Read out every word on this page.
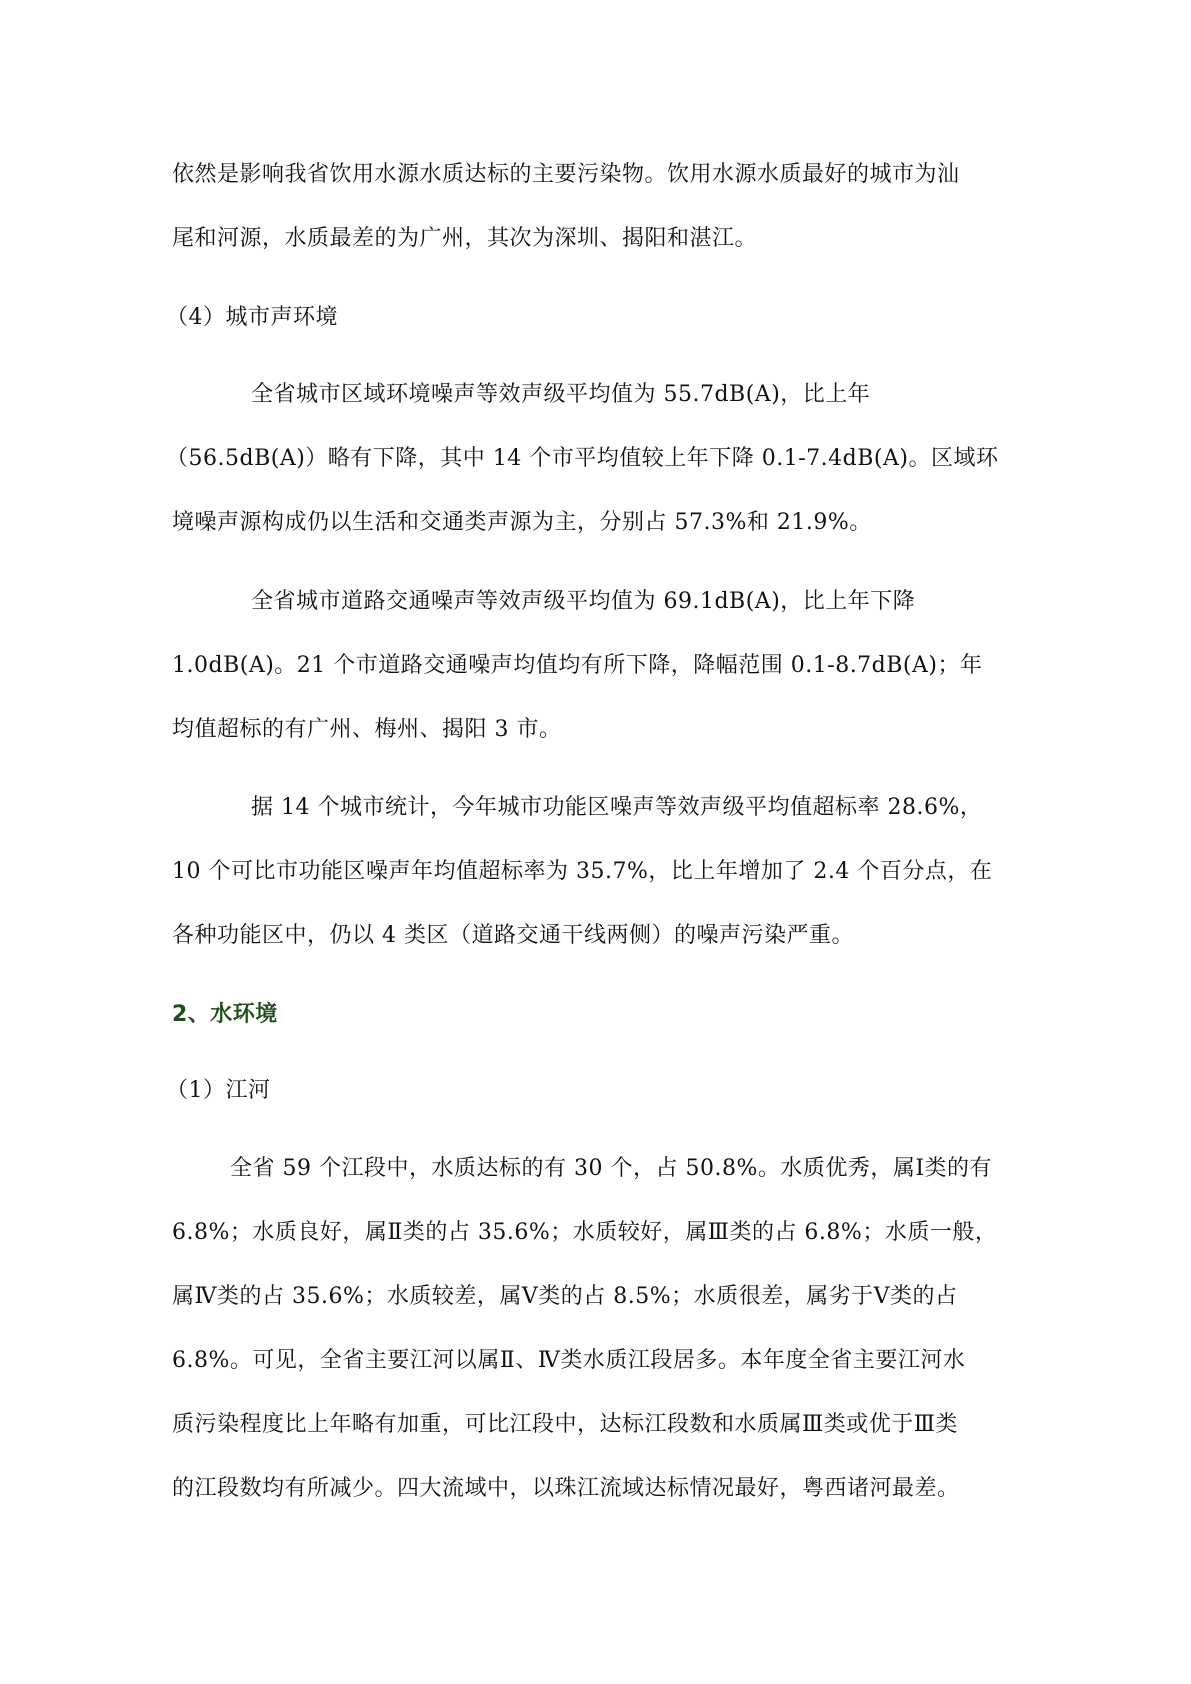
依然是影响我省饮用水源水质达标的主要污染物。饮用水源水质最好的城市为汕
尾和河源，水质最差的为广州，其次为深圳、揭阳和湛江。
（4）城市声环境
全省城市区域环境噪声等效声级平均值为 55.7dB(A)，比上年
（56.5dB(A)）略有下降，其中 14 个市平均值较上年下降 0.1-7.4dB(A)。区域环
境噪声源构成仍以生活和交通类声源为主，分别占 57.3%和 21.9%。
全省城市道路交通噪声等效声级平均值为 69.1dB(A)，比上年下降
1.0dB(A)。21 个市道路交通噪声均值均有所下降，降幅范围 0.1-8.7dB(A)；年
均值超标的有广州、梅州、揭阳 3 市。
据 14 个城市统计，今年城市功能区噪声等效声级平均值超标率 28.6%，
10 个可比市功能区噪声年均值超标率为 35.7%，比上年增加了 2.4 个百分点，在
各种功能区中，仍以 4 类区（道路交通干线两侧）的噪声污染严重。
2、水环境
（1）江河
全省 59 个江段中，水质达标的有 30 个，占 50.8%。水质优秀，属Ⅰ类的有
6.8%；水质良好，属Ⅱ类的占 35.6%；水质较好，属Ⅲ类的占 6.8%；水质一般，
属Ⅳ类的占 35.6%；水质较差，属Ⅴ类的占 8.5%；水质很差，属劣于Ⅴ类的占
6.8%。可见，全省主要江河以属Ⅱ、Ⅳ类水质江段居多。本年度全省主要江河水
质污染程度比上年略有加重，可比江段中，达标江段数和水质属Ⅲ类或优于Ⅲ类
的江段数均有所减少。四大流域中，以珠江流域达标情况最好，粤西诸河最差。
